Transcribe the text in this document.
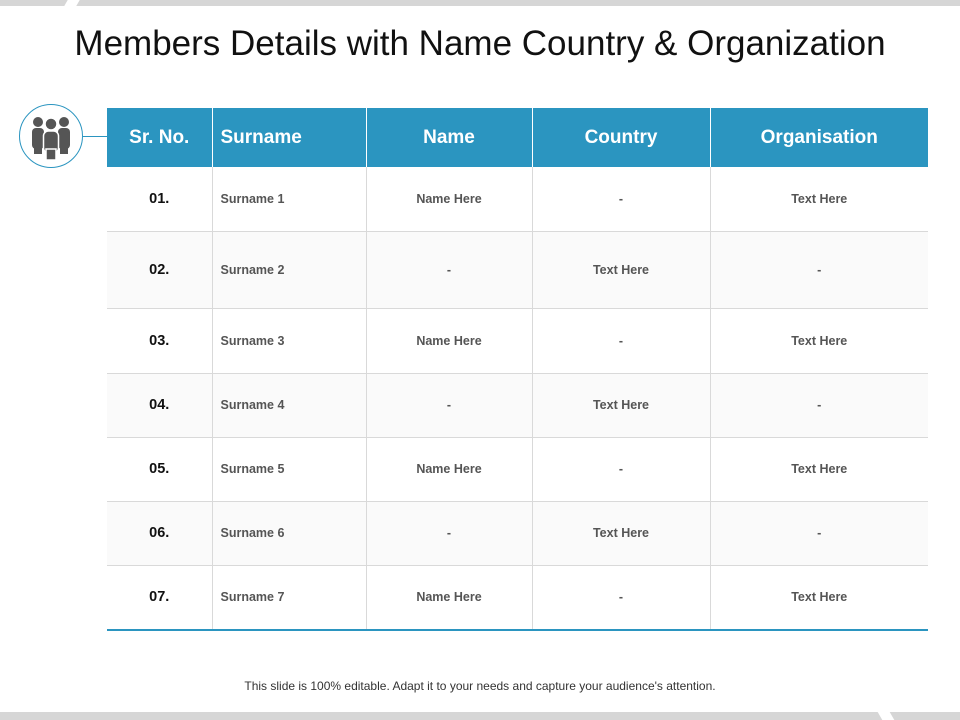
Members Details with Name Country & Organization
Sr. No.	Surname	Name	Country	Organisation
01.	Surname 1	Name Here	-	Text Here
02.	Surname 2	-	Text Here	-
03.	Surname 3	Name Here	-	Text Here
04.	Surname 4	-	Text Here	-
05.	Surname 5	Name Here	-	Text Here
06.	Surname 6	-	Text Here	-
07.	Surname 7	Name Here	-	Text Here
This slide is 100% editable. Adapt it to your needs and capture your audience's attention.
